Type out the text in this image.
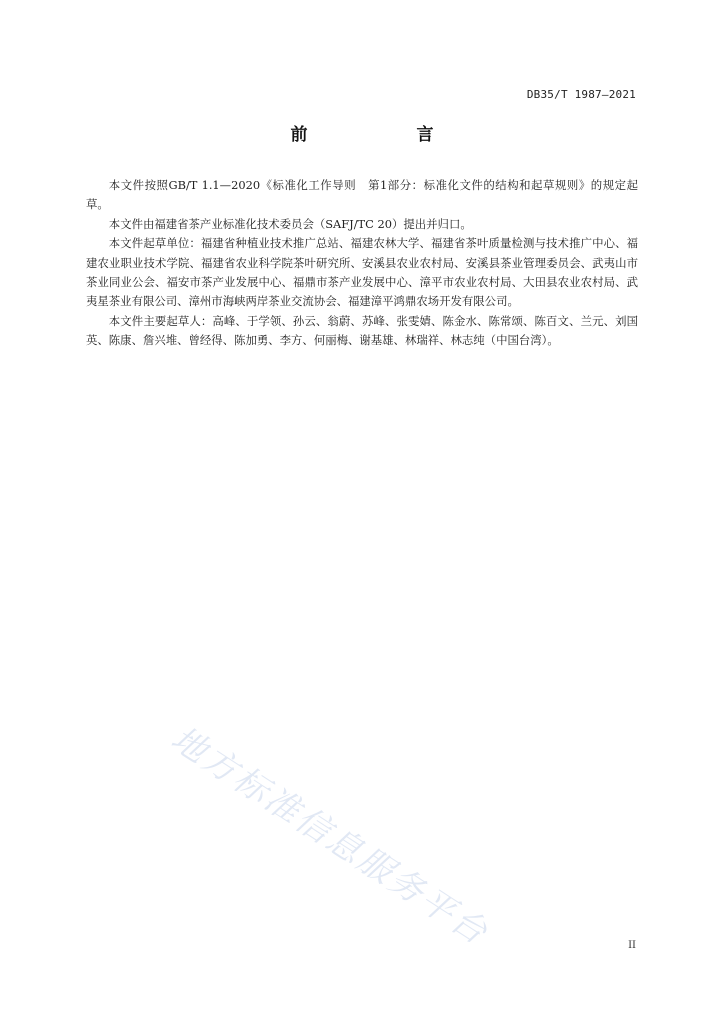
DB35/T 1987—2021
前　言

本文件按照GB/T 1.1—2020《标准化工作导则　第1部分：标准化文件的结构和起草规则》的规定起草。

本文件由福建省茶产业标准化技术委员会（SAFJ/TC 20）提出并归口。

本文件起草单位：福建省种植业技术推广总站、福建农林大学、福建省茶叶质量检测与技术推广中心、福建农业职业技术学院、福建省农业科学院茶叶研究所、安溪县农业农村局、安溪县茶业管理委员会、武夷山市茶业同业公会、福安市茶产业发展中心、福鼎市茶产业发展中心、漳平市农业农村局、大田县农业农村局、武夷星茶业有限公司、漳州市海峡两岸茶业交流协会、福建漳平鸿鼎农场开发有限公司。

本文件主要起草人：高峰、于学领、孙云、翁蔚、苏峰、张雯婧、陈金水、陈常颂、陈百文、兰元、刘国英、陈康、詹兴堆、曾经得、陈加勇、李方、何丽梅、谢基雄、林瑞祥、林志纯（中国台湾）。

地方标准信息服务平台	II
